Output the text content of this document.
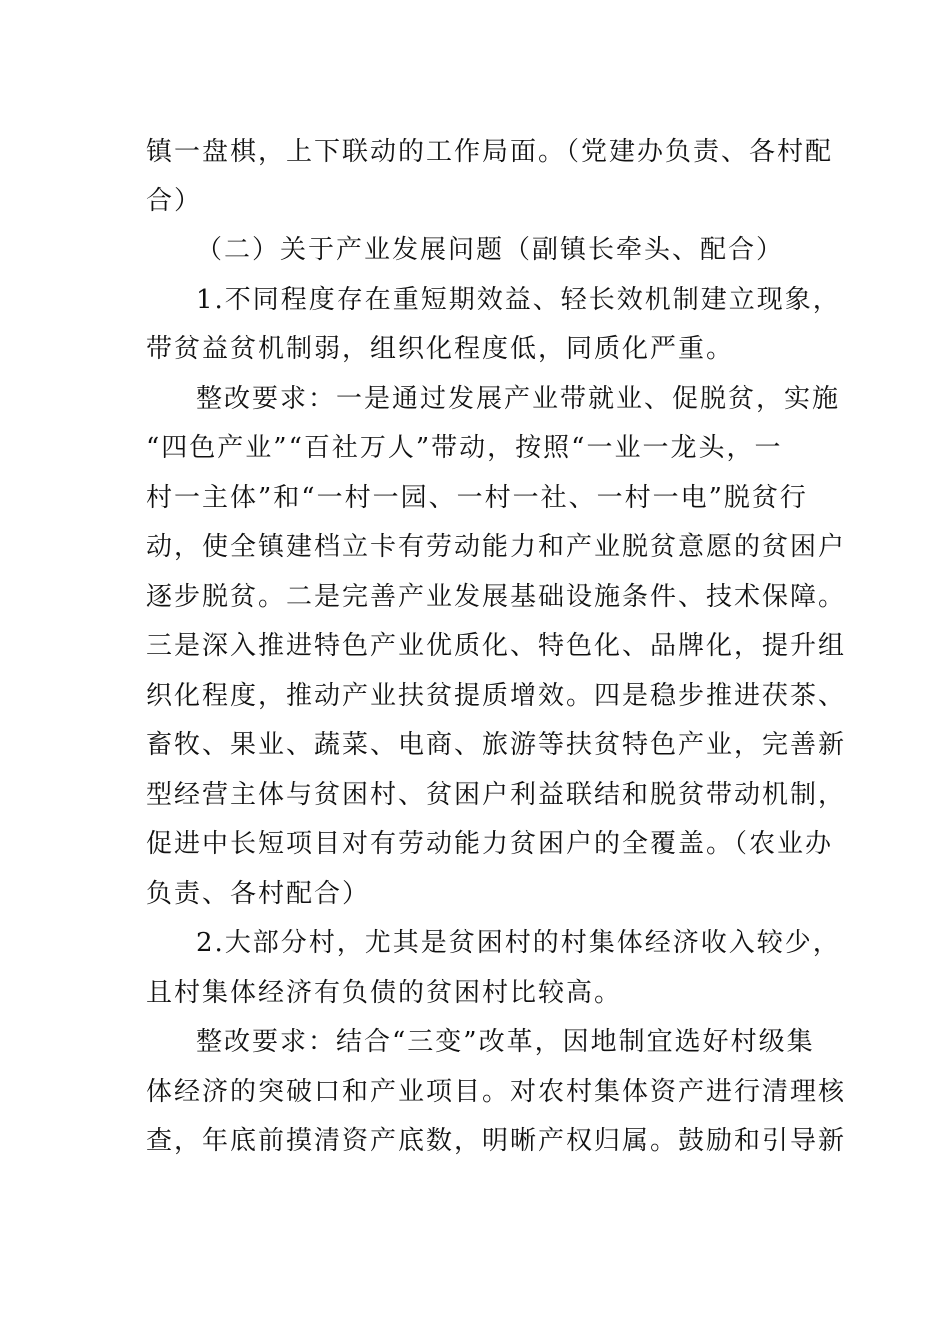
镇一盘棋，上下联动的工作局面。（党建办负责、各村配

合）

（二）关于产业发展问题（副镇长牵头、配合）

1.不同程度存在重短期效益、轻长效机制建立现象，

带贫益贫机制弱，组织化程度低，同质化严重。

整改要求：一是通过发展产业带就业、促脱贫，实施

“四色产业”“百社万人”带动，按照“一业一龙头，一

村一主体”和“一村一园、一村一社、一村一电”脱贫行

动，使全镇建档立卡有劳动能力和产业脱贫意愿的贫困户

逐步脱贫。二是完善产业发展基础设施条件、技术保障。

三是深入推进特色产业优质化、特色化、品牌化，提升组

织化程度，推动产业扶贫提质增效。四是稳步推进茯茶、

畜牧、果业、蔬菜、电商、旅游等扶贫特色产业，完善新

型经营主体与贫困村、贫困户利益联结和脱贫带动机制，

促进中长短项目对有劳动能力贫困户的全覆盖。（农业办

负责、各村配合）

2.大部分村，尤其是贫困村的村集体经济收入较少，

且村集体经济有负债的贫困村比较高。

整改要求：结合“三变”改革，因地制宜选好村级集

体经济的突破口和产业项目。对农村集体资产进行清理核

查，年底前摸清资产底数，明晰产权归属。鼓励和引导新
